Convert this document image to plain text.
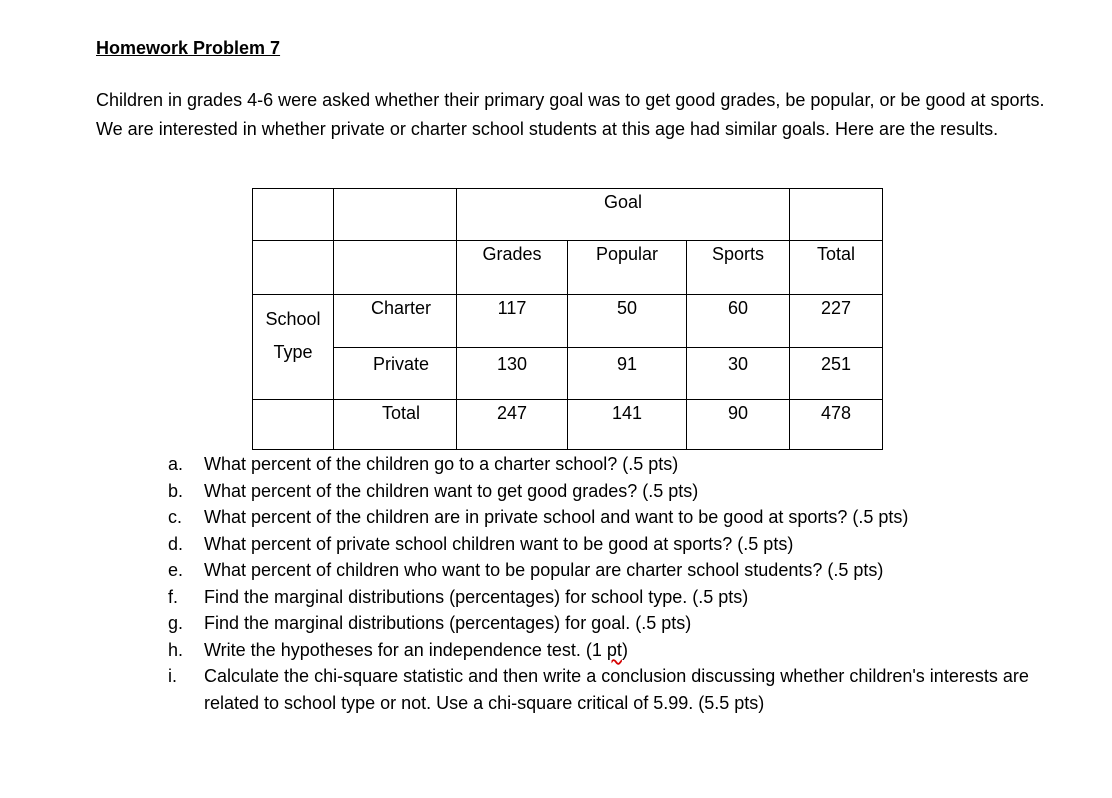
Homework Problem 7

Children in grades 4-6 were asked whether their primary goal was to get good grades, be popular, or be good at sports. We are interested in whether private or charter school students at this age had similar goals. Here are the results.

		Goal			

		Grades	Popular	Sports	Total

School
Type	Charter	117	50	60	227

	Private	130	91	30	251

	Total	247	141	90	478
a.	What percent of the children go to a charter school? (.5 pts)
b.	What percent of the children want to get good grades? (.5 pts)
c.	What percent of the children are in private school and want to be good at sports? (.5 pts)
d.	What percent of private school children want to be good at sports? (.5 pts)
e.	What percent of children who want to be popular are charter school students? (.5 pts)
f.	Find the marginal distributions (percentages) for school type. (.5 pts)
g.	Find the marginal distributions (percentages) for goal. (.5 pts)
h.	Write the hypotheses for an independence test. (1 pt)
i.	Calculate the chi-square statistic and then write a conclusion discussing whether children's interests are related to school type or not. Use a chi-square critical of 5.99. (5.5 pts)
